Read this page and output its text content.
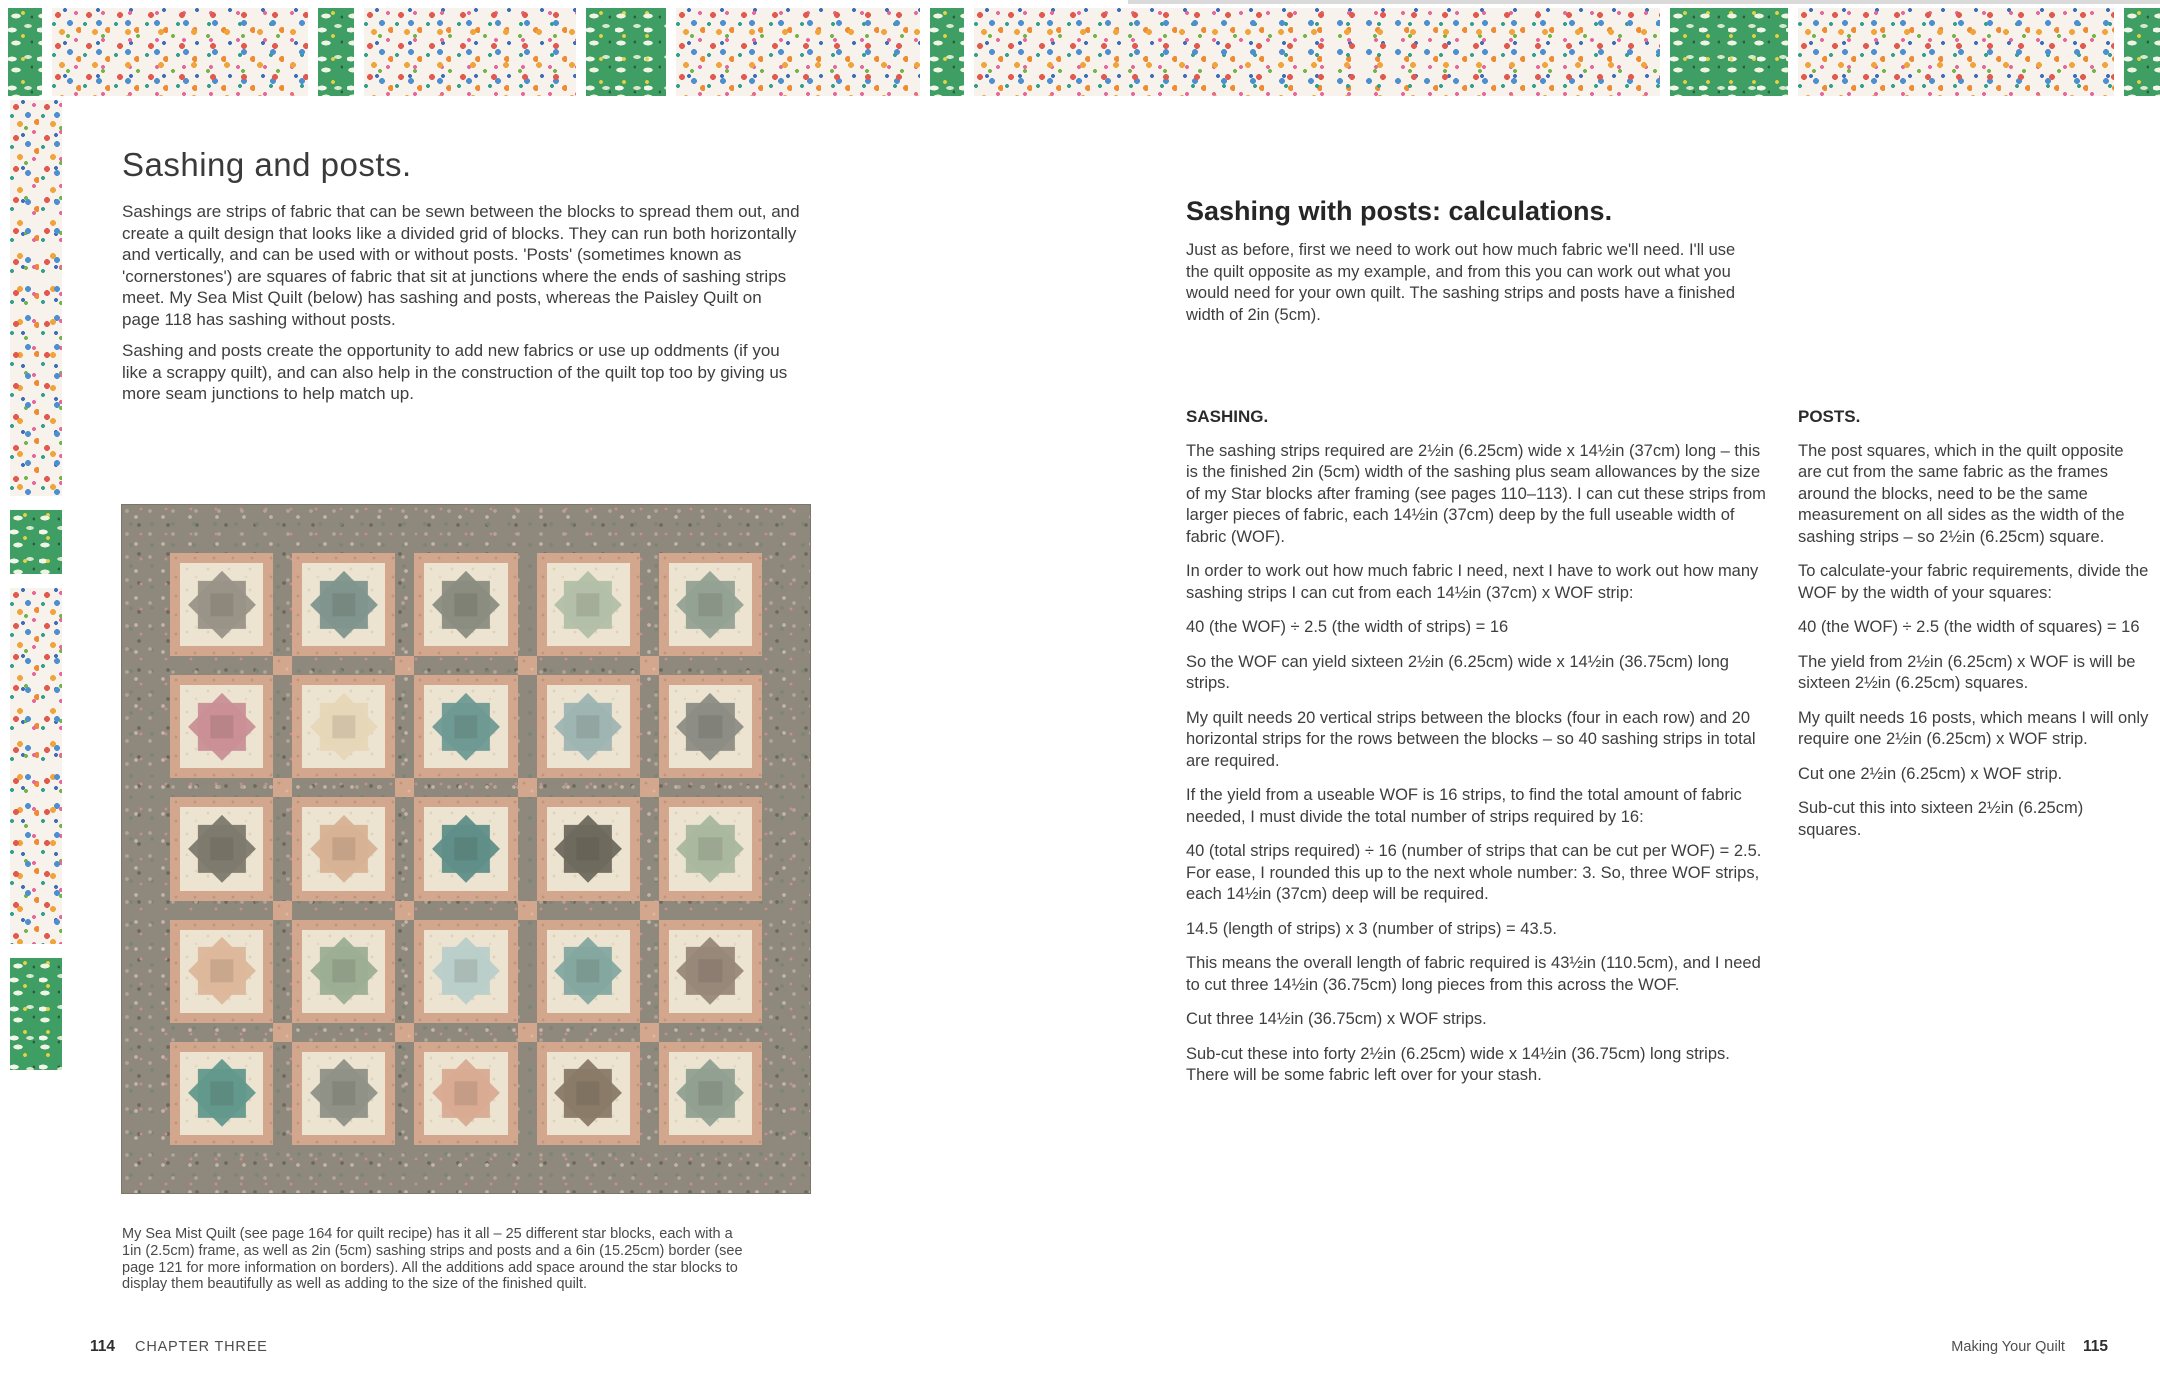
Sashing and posts.

Sashings are strips of fabric that can be sewn between the blocks to spread them out, and create a quilt design that looks like a divided grid of blocks. They can run both horizontally and vertically, and can be used with or without posts. 'Posts' (sometimes known as 'cornerstones') are squares of fabric that sit at junctions where the ends of sashing strips meet. My Sea Mist Quilt (below) has sashing and posts, whereas the Paisley Quilt on page 118 has sashing without posts.

Sashing and posts create the opportunity to add new fabrics or use up oddments (if you like a scrappy quilt), and can also help in the construction of the quilt top too by giving us more seam junctions to help match up.

My Sea Mist Quilt (see page 164 for quilt recipe) has it all – 25 different star blocks, each with a 1in (2.5cm) frame, as well as 2in (5cm) sashing strips and posts and a 6in (15.25cm) border (see page 121 for more information on borders). All the additions add space around the star blocks to display them beautifully as well as adding to the size of the finished quilt.

114 CHAPTER THREE
Sashing with posts: calculations.

Just as before, first we need to work out how much fabric we'll need. I'll use the quilt opposite as my example, and from this you can work out what you would need for your own quilt. The sashing strips and posts have a finished width of 2in (5cm).

SASHING.

The sashing strips required are 2½in (6.25cm) wide x 14½in (37cm) long – this is the finished 2in (5cm) width of the sashing plus seam allowances by the size of my Star blocks after framing (see pages 110–113). I can cut these strips from larger pieces of fabric, each 14½in (37cm) deep by the full useable width of fabric (WOF).

In order to work out how much fabric I need, next I have to work out how many sashing strips I can cut from each 14½in (37cm) x WOF strip:

40 (the WOF) ÷ 2.5 (the width of strips) = 16

So the WOF can yield sixteen 2½in (6.25cm) wide x 14½in (36.75cm) long strips.

My quilt needs 20 vertical strips between the blocks (four in each row) and 20 horizontal strips for the rows between the blocks – so 40 sashing strips in total are required.

If the yield from a useable WOF is 16 strips, to find the total amount of fabric needed, I must divide the total number of strips required by 16:

40 (total strips required) ÷ 16 (number of strips that can be cut per WOF) = 2.5. For ease, I rounded this up to the next whole number: 3. So, three WOF strips, each 14½in (37cm) deep will be required.

14.5 (length of strips) x 3 (number of strips) = 43.5.

This means the overall length of fabric required is 43½in (110.5cm), and I need to cut three 14½in (36.75cm) long pieces from this across the WOF.

Cut three 14½in (36.75cm) x WOF strips.

Sub-cut these into forty 2½in (6.25cm) wide x 14½in (36.75cm) long strips. There will be some fabric left over for your stash.

POSTS.

The post squares, which in the quilt opposite are cut from the same fabric as the frames around the blocks, need to be the same measurement on all sides as the width of the sashing strips – so 2½in (6.25cm) square.

To calculate-your fabric requirements, divide the WOF by the width of your squares:

40 (the WOF) ÷ 2.5 (the width of squares) = 16

The yield from 2½in (6.25cm) x WOF is will be sixteen 2½in (6.25cm) squares.

My quilt needs 16 posts, which means I will only require one 2½in (6.25cm) x WOF strip.

Cut one 2½in (6.25cm) x WOF strip.

Sub-cut this into sixteen 2½in (6.25cm) squares.

Making Your Quilt 115
